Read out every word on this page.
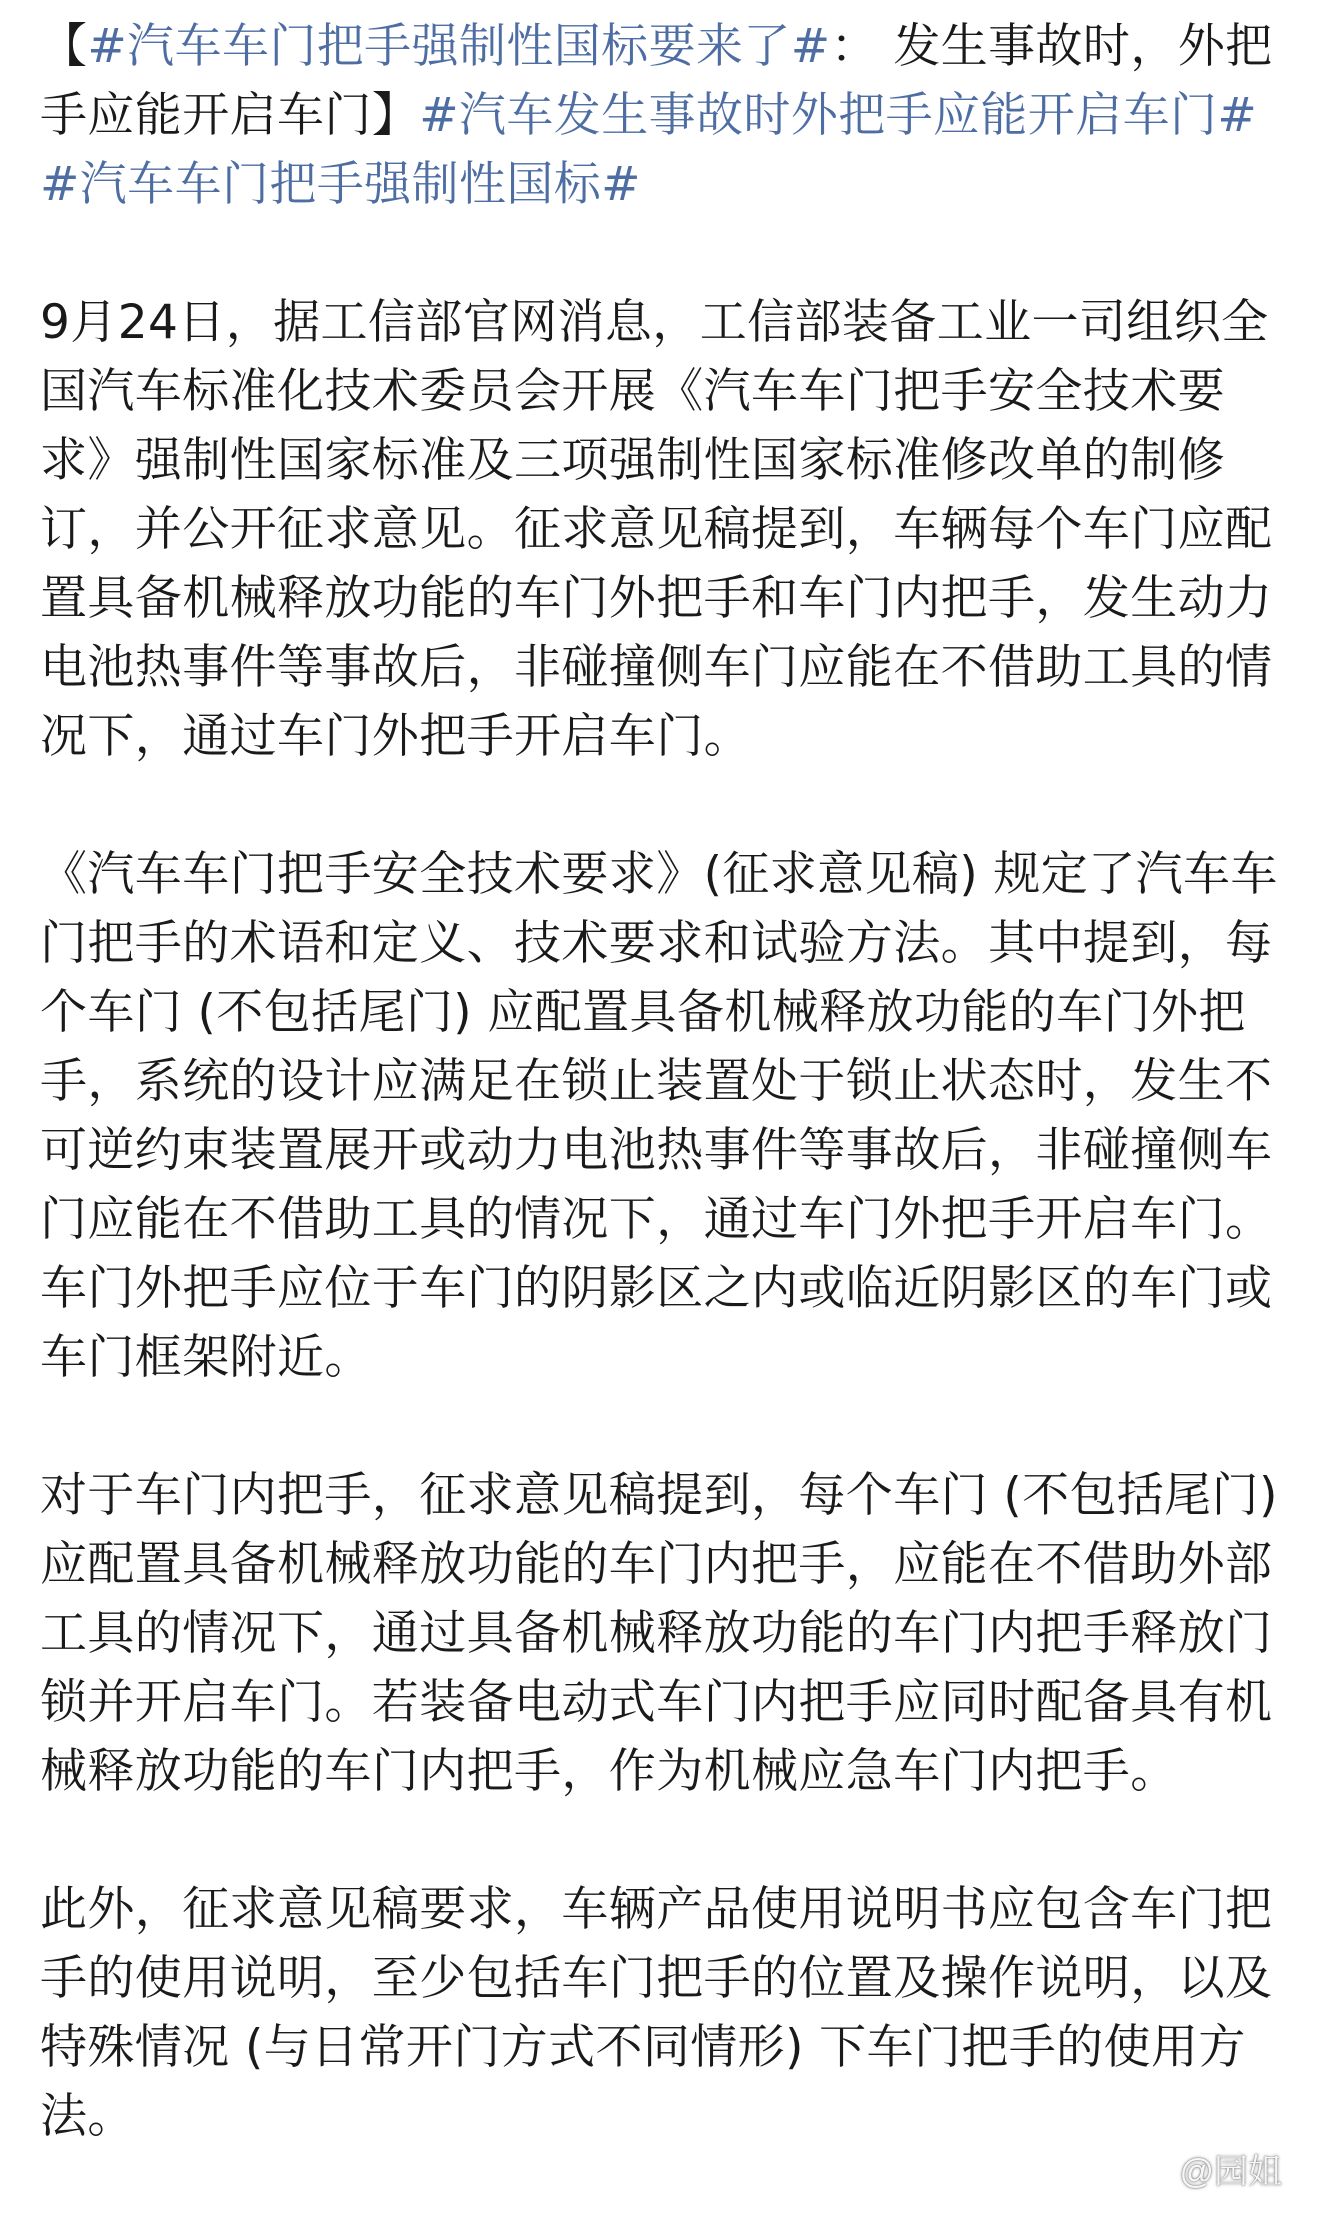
【#汽车车门把手强制性国标要来了#： 发生事故时，外把手应能开启车门】#汽车发生事故时外把手应能开启车门##汽车车门把手强制性国标#

9月24日，据工信部官网消息，工信部装备工业一司组织全国汽车标准化技术委员会开展《汽车车门把手安全技术要求》强制性国家标准及三项强制性国家标准修改单的制修订，并公开征求意见。征求意见稿提到，车辆每个车门应配置具备机械释放功能的车门外把手和车门内把手，发生动力电池热事件等事故后，非碰撞侧车门应能在不借助工具的情况下，通过车门外把手开启车门。

《汽车车门把手安全技术要求》(征求意见稿) 规定了汽车车门把手的术语和定义、技术要求和试验方法。其中提到，每个车门 (不包括尾门) 应配置具备机械释放功能的车门外把手，系统的设计应满足在锁止装置处于锁止状态时，发生不可逆约束装置展开或动力电池热事件等事故后，非碰撞侧车门应能在不借助工具的情况下，通过车门外把手开启车门。车门外把手应位于车门的阴影区之内或临近阴影区的车门或车门框架附近。

对于车门内把手，征求意见稿提到，每个车门 (不包括尾门) 应配置具备机械释放功能的车门内把手，应能在不借助外部工具的情况下，通过具备机械释放功能的车门内把手释放门锁并开启车门。若装备电动式车门内把手应同时配备具有机械释放功能的车门内把手，作为机械应急车门内把手。

此外，征求意见稿要求，车辆产品使用说明书应包含车门把手的使用说明，至少包括车门把手的位置及操作说明，以及特殊情况 (与日常开门方式不同情形) 下车门把手的使用方法。

@园姐
